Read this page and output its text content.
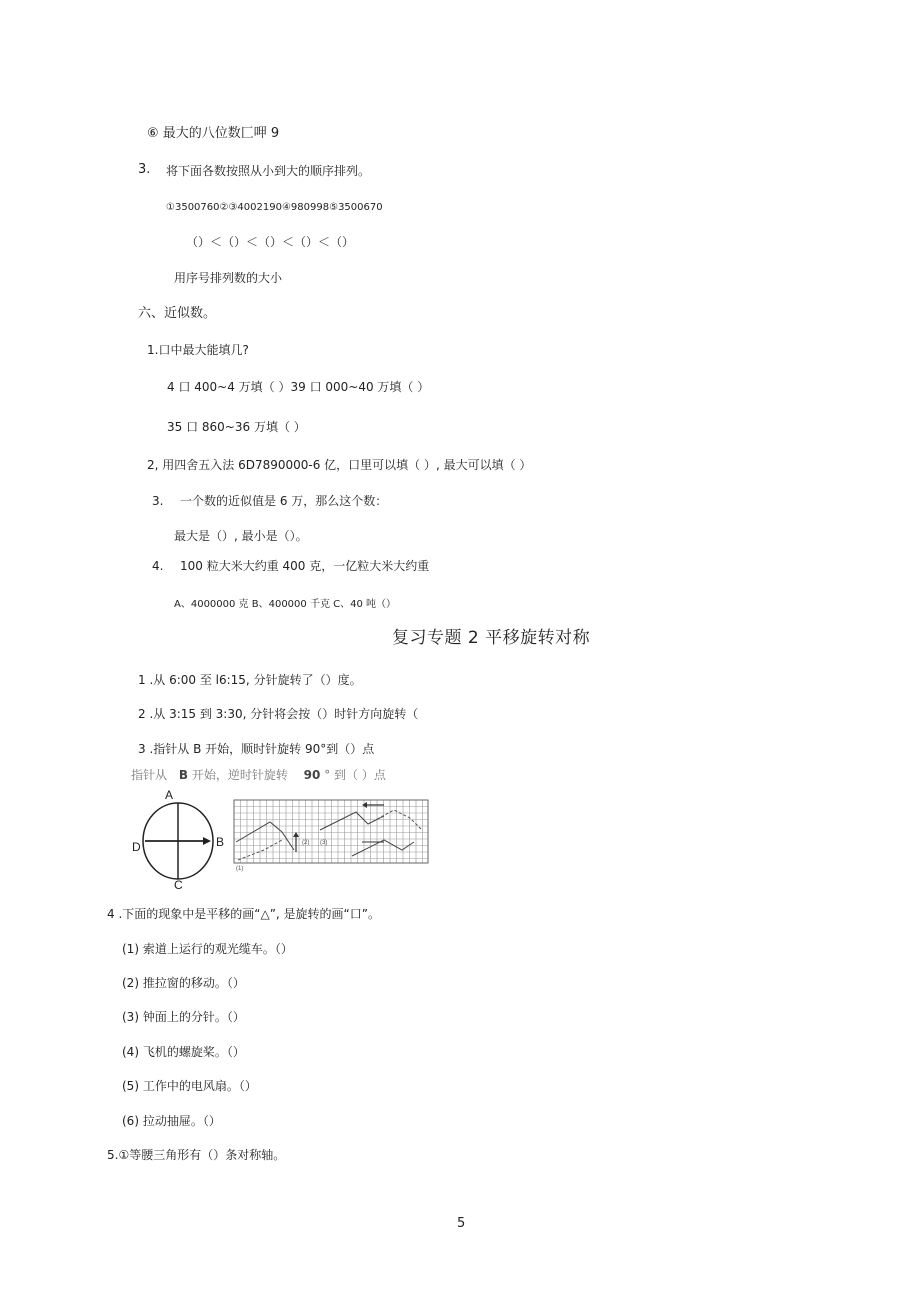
⑥ 最大的八位数匚呷 9
3. 将下面各数按照从小到大的顺序排列。
①3500760②③4002190④980998⑤3500670
（）＜（）＜（）＜（）＜（）
用序号排列数的大小
六、近似数。
1.口中最大能填几?
4 口 400~4 万填（ ）39 口 000~40 万填（ ）
35 口 860~36 万填（ ）
2, 用四舍五入法 6D7890000-6 亿，口里可以填（ ）, 最大可以填（ ）
3. 一个数的近似值是 6 万，那么这个数：
最大是（）, 最小是（）。
4. 100 粒大米大约重 400 克，一亿粒大米大约重
A、4000000 克 B、400000 千克 C、40 吨（）
复习专题 2 平移旋转对称
1 .从 6:00 至 l6:15, 分针旋转了（）度。
2 .从 3:15 到 3:30, 分针将会按（）时针方向旋转（
3 .指针从 B 开始，顺时针旋转 90°到（）点
指针从 B 开始，逆时针旋转 90 ° 到（ ）点
A
B
C
D
(1)
(2) (3)
4 .下面的现象中是平移的画“△”, 是旋转的画“口”。
(1) 索道上运行的观光缆车。（）
(2) 推拉窗的移动。（）
(3) 钟面上的分针。（）
(4) 飞机的螺旋桨。（）
(5) 工作中的电风扇。（）
(6) 拉动抽屉。（）
5.①等腰三角形有（）条对称轴。
5
